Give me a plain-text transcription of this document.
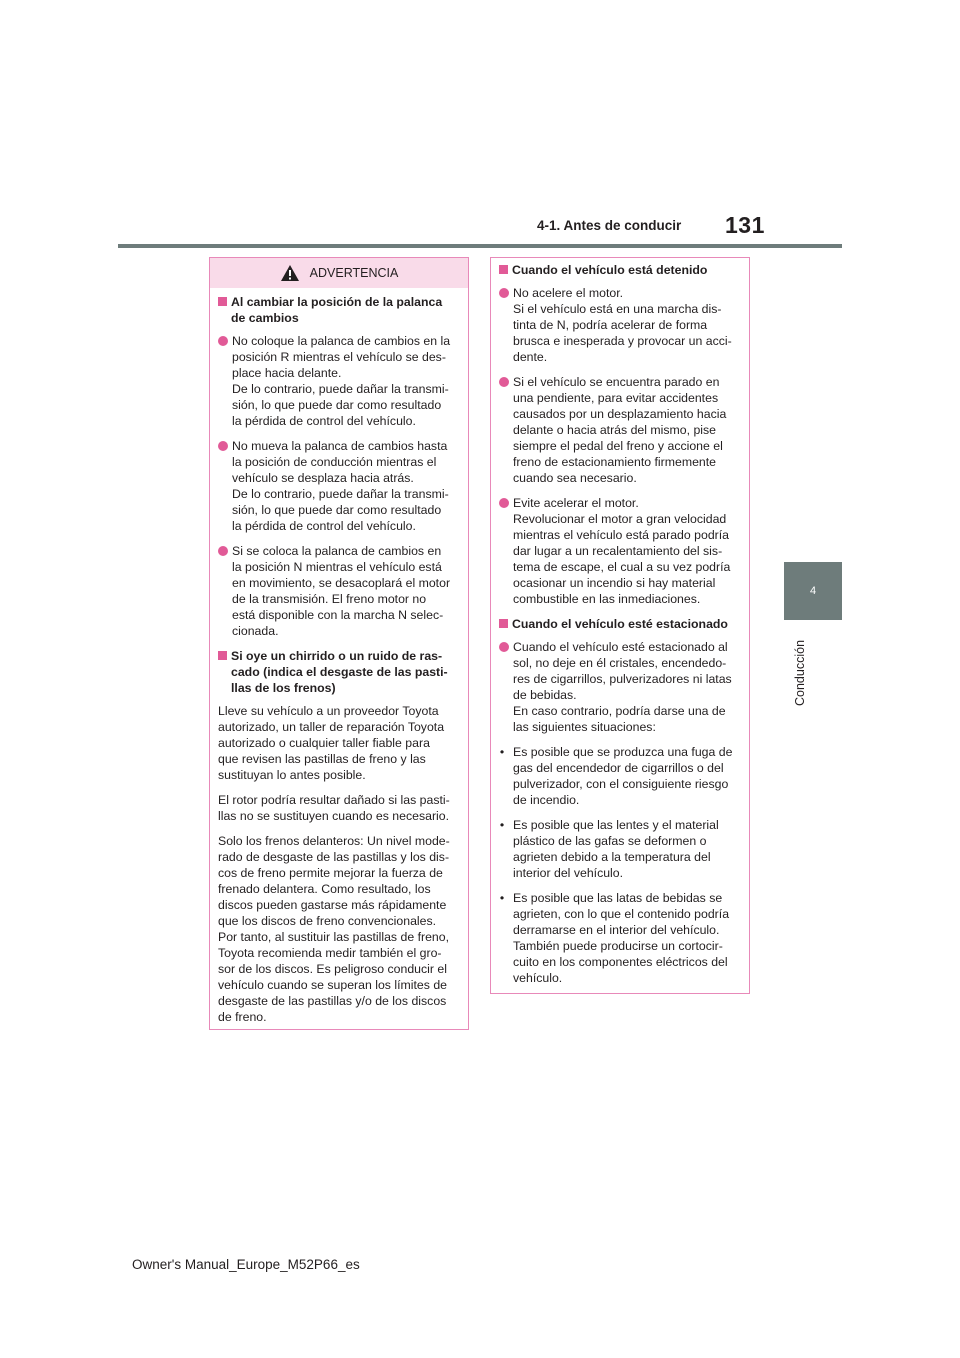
4-1. Antes de conducir 131
4
Conducción
ADVERTENCIA
Al cambiar la posición de la palanca
de cambios
No coloque la palanca de cambios en la
posición R mientras el vehículo se des-
place hacia delante.
De lo contrario, puede dañar la transmi-
sión, lo que puede dar como resultado
la pérdida de control del vehículo.
No mueva la palanca de cambios hasta
la posición de conducción mientras el
vehículo se desplaza hacia atrás.
De lo contrario, puede dañar la transmi-
sión, lo que puede dar como resultado
la pérdida de control del vehículo.
Si se coloca la palanca de cambios en
la posición N mientras el vehículo está
en movimiento, se desacoplará el motor
de la transmisión. El freno motor no
está disponible con la marcha N selec-
cionada.
Si oye un chirrido o un ruido de ras-
cado (indica el desgaste de las pasti-
llas de los frenos)
Lleve su vehículo a un proveedor Toyota
autorizado, un taller de reparación Toyota
autorizado o cualquier taller fiable para
que revisen las pastillas de freno y las
sustituyan lo antes posible.
El rotor podría resultar dañado si las pasti-
llas no se sustituyen cuando es necesario.
Solo los frenos delanteros: Un nivel mode-
rado de desgaste de las pastillas y los dis-
cos de freno permite mejorar la fuerza de
frenado delantera. Como resultado, los
discos pueden gastarse más rápidamente
que los discos de freno convencionales.
Por tanto, al sustituir las pastillas de freno,
Toyota recomienda medir también el gro-
sor de los discos. Es peligroso conducir el
vehículo cuando se superan los límites de
desgaste de las pastillas y/o de los discos
de freno.
Cuando el vehículo está detenido
No acelere el motor.
Si el vehículo está en una marcha dis-
tinta de N, podría acelerar de forma
brusca e inesperada y provocar un acci-
dente.
Si el vehículo se encuentra parado en
una pendiente, para evitar accidentes
causados por un desplazamiento hacia
delante o hacia atrás del mismo, pise
siempre el pedal del freno y accione el
freno de estacionamiento firmemente
cuando sea necesario.
Evite acelerar el motor.
Revolucionar el motor a gran velocidad
mientras el vehículo está parado podría
dar lugar a un recalentamiento del sis-
tema de escape, el cual a su vez podría
ocasionar un incendio si hay material
combustible en las inmediaciones.
Cuando el vehículo esté estacionado
Cuando el vehículo esté estacionado al
sol, no deje en él cristales, encendedo-
res de cigarrillos, pulverizadores ni latas
de bebidas.
En caso contrario, podría darse una de
las siguientes situaciones:
• Es posible que se produzca una fuga de
gas del encendedor de cigarrillos o del
pulverizador, con el consiguiente riesgo
de incendio.
• Es posible que las lentes y el material
plástico de las gafas se deformen o
agrieten debido a la temperatura del
interior del vehículo.
• Es posible que las latas de bebidas se
agrieten, con lo que el contenido podría
derramarse en el interior del vehículo.
También puede producirse un cortocir-
cuito en los componentes eléctricos del
vehículo.
Owner's Manual_Europe_M52P66_es
